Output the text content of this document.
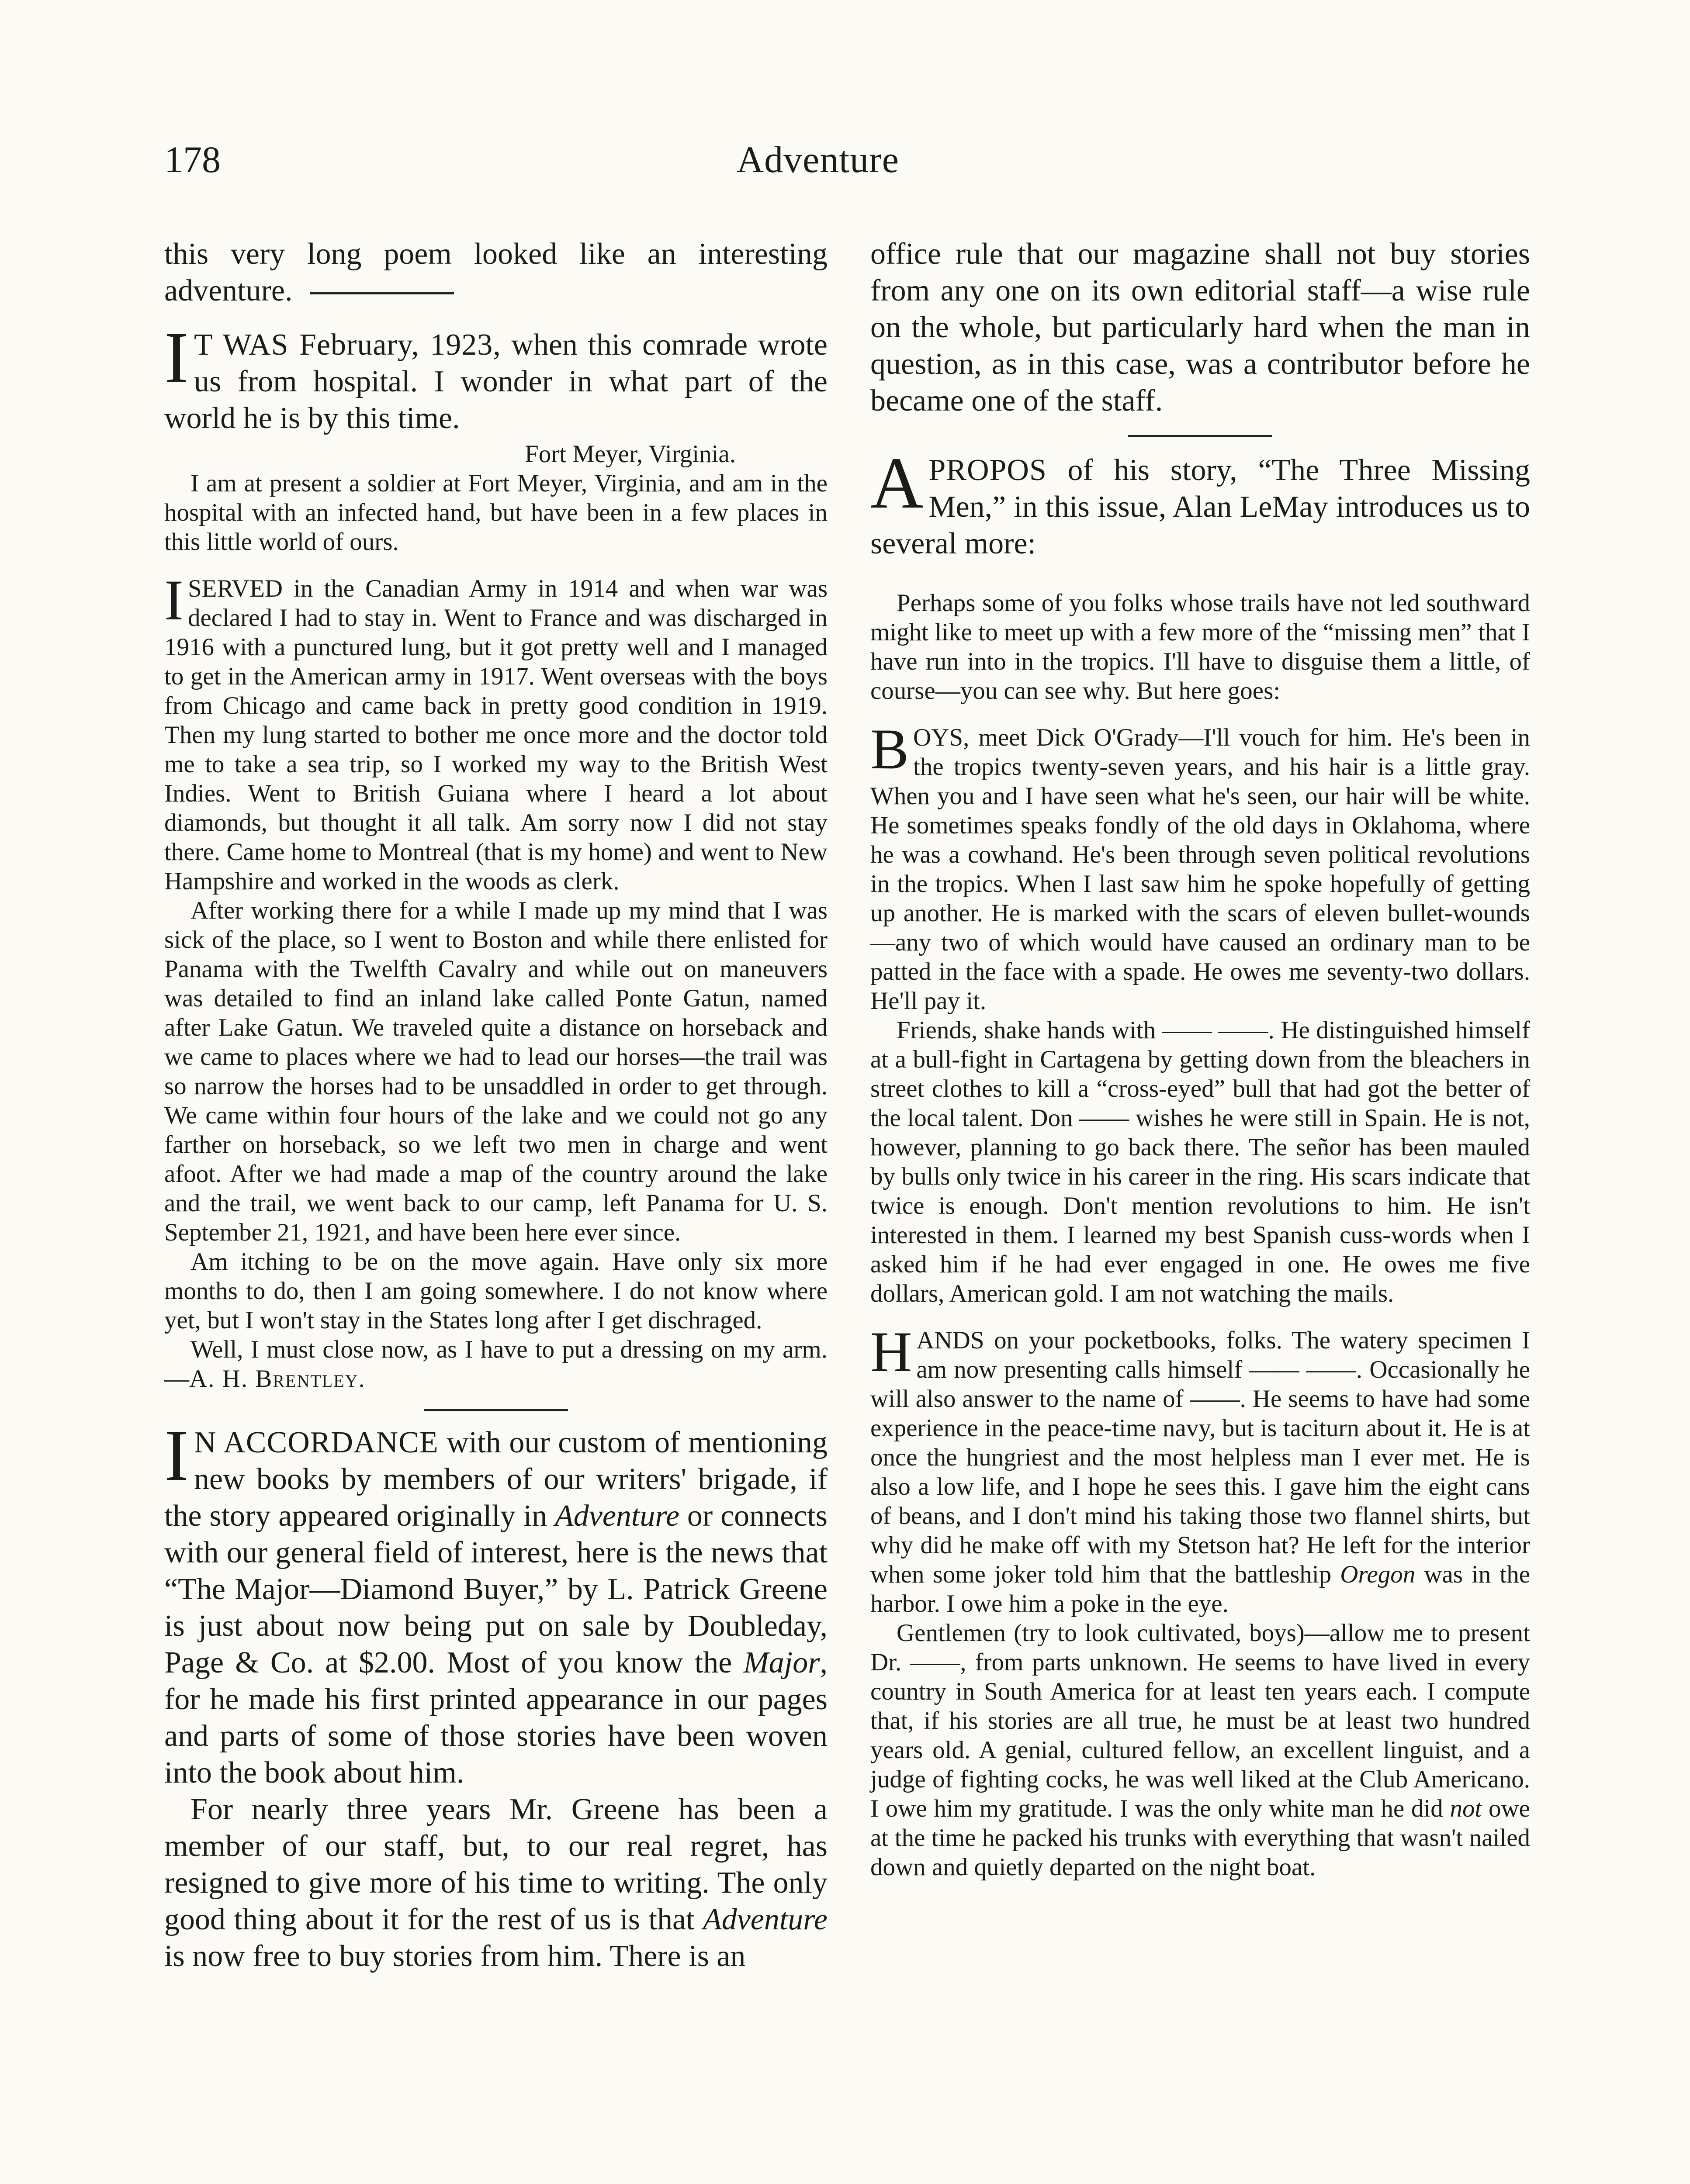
178	Adventure

this very long poem looked like an interesting adventure.

I T WAS February, 1923, when this comrade wrote us from hospital. I wonder in what part of the world he is by this time.

Fort Meyer, Virginia.

I am at present a soldier at Fort Meyer, Virginia, and am in the hospital with an infected hand, but have been in a few places in this little world of ours.

I SERVED in the Canadian Army in 1914 and when war was declared I had to stay in. Went to France and was discharged in 1916 with a punctured lung, but it got pretty well and I managed to get in the American army in 1917. Went overseas with the boys from Chicago and came back in pretty good condition in 1919. Then my lung started to bother me once more and the doctor told me to take a sea trip, so I worked my way to the British West Indies. Went to British Guiana where I heard a lot about diamonds, but thought it all talk. Am sorry now I did not stay there. Came home to Montreal (that is my home) and went to New Hampshire and worked in the woods as clerk.

After working there for a while I made up my mind that I was sick of the place, so I went to Boston and while there enlisted for Panama with the Twelfth Cavalry and while out on maneuvers was detailed to find an inland lake called Ponte Gatun, named after Lake Gatun. We traveled quite a distance on horseback and we came to places where we had to lead our horses—the trail was so narrow the horses had to be unsaddled in order to get through. We came within four hours of the lake and we could not go any farther on horseback, so we left two men in charge and went afoot. After we had made a map of the country around the lake and the trail, we went back to our camp, left Panama for U. S. September 21, 1921, and have been here ever since.

Am itching to be on the move again. Have only six more months to do, then I am going somewhere. I do not know where yet, but I won't stay in the States long after I get dischraged.

Well, I must close now, as I have to put a dressing on my arm.—A. H. Brentley.

I N ACCORDANCE with our custom of mentioning new books by members of our writers' brigade, if the story appeared originally in Adventure or connects with our general field of interest, here is the news that “The Major—Diamond Buyer,” by L. Patrick Greene is just about now being put on sale by Doubleday, Page & Co. at $2.00. Most of you know the Major, for he made his first printed appearance in our pages and parts of some of those stories have been woven into the book about him.

For nearly three years Mr. Greene has been a member of our staff, but, to our real regret, has resigned to give more of his time to writing. The only good thing about it for the rest of us is that Adventure is now free to buy stories from him. There is an

office rule that our magazine shall not buy stories from any one on its own editorial staff—a wise rule on the whole, but particularly hard when the man in question, as in this case, was a contributor before he became one of the staff.

APROPOS of his story, “The Three Missing Men,” in this issue, Alan LeMay introduces us to several more:

Perhaps some of you folks whose trails have not led southward might like to meet up with a few more of the “missing men” that I have run into in the tropics. I'll have to disguise them a little, of course—you can see why. But here goes:

BOYS, meet Dick O'Grady—I'll vouch for him. He's been in the tropics twenty-seven years, and his hair is a little gray. When you and I have seen what he's seen, our hair will be white. He sometimes speaks fondly of the old days in Oklahoma, where he was a cowhand. He's been through seven political revolutions in the tropics. When I last saw him he spoke hopefully of getting up another. He is marked with the scars of eleven bullet-wounds—any two of which would have caused an ordinary man to be patted in the face with a spade. He owes me seventy-two dollars. He'll pay it.

Friends, shake hands with —— ——. He distinguished himself at a bull-fight in Cartagena by getting down from the bleachers in street clothes to kill a “cross-eyed” bull that had got the better of the local talent. Don —— wishes he were still in Spain. He is not, however, planning to go back there. The señor has been mauled by bulls only twice in his career in the ring. His scars indicate that twice is enough. Don't mention revolutions to him. He isn't interested in them. I learned my best Spanish cuss-words when I asked him if he had ever engaged in one. He owes me five dollars, American gold. I am not watching the mails.

HANDS on your pocketbooks, folks. The watery specimen I am now presenting calls himself —— ——. Occasionally he will also answer to the name of ——. He seems to have had some experience in the peace-time navy, but is taciturn about it. He is at once the hungriest and the most helpless man I ever met. He is also a low life, and I hope he sees this. I gave him the eight cans of beans, and I don't mind his taking those two flannel shirts, but why did he make off with my Stetson hat? He left for the interior when some joker told him that the battleship Oregon was in the harbor. I owe him a poke in the eye.

Gentlemen (try to look cultivated, boys)—allow me to present Dr. ——, from parts unknown. He seems to have lived in every country in South America for at least ten years each. I compute that, if his stories are all true, he must be at least two hundred years old. A genial, cultured fellow, an excellent linguist, and a judge of fighting cocks, he was well liked at the Club Americano. I owe him my gratitude. I was the only white man he did not owe at the time he packed his trunks with everything that wasn't nailed down and quietly departed on the night boat.
